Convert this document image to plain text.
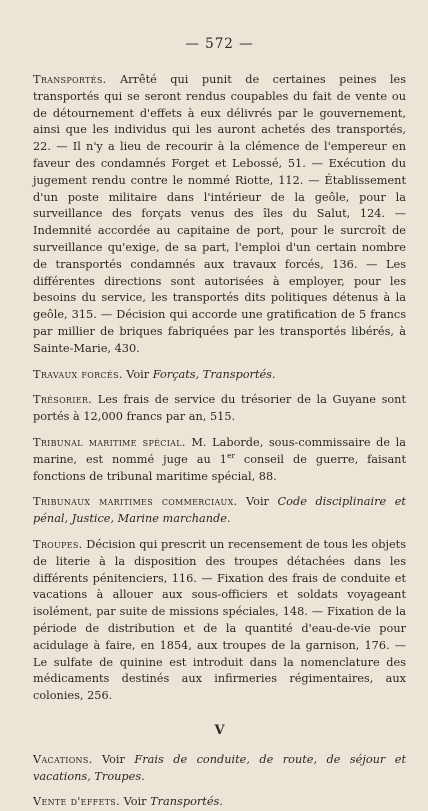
— 572 —

Transportés. Arrêté qui punit de certaines peines les transportés qui se seront rendus coupables du fait de vente ou de détournement d'effets à eux délivrés par le gouvernement, ainsi que les individus qui les auront achetés des transportés, 22. — Il n'y a lieu de recourir à la clémence de l'empereur en faveur des condamnés Forget et Lebossé, 51. — Exécution du jugement rendu contre le nommé Riotte, 112. — Établissement d'un poste militaire dans l'intérieur de la geôle, pour la surveillance des forçats venus des îles du Salut, 124. — Indemnité accordée au capitaine de port, pour le surcroît de surveillance qu'exige, de sa part, l'emploi d'un certain nombre de transportés condamnés aux travaux forcés, 136. — Les différentes directions sont autorisées à employer, pour les besoins du service, les transportés dits politiques détenus à la geôle, 315. — Décision qui accorde une gratification de 5 francs par millier de briques fabriquées par les transportés libérés, à Sainte-Marie, 430.

Travaux forcés. Voir Forçats, Transportés.

Trésorier. Les frais de service du trésorier de la Guyane sont portés à 12,000 francs par an, 515.

Tribunal maritime spécial. M. Laborde, sous-commissaire de la marine, est nommé juge au 1er conseil de guerre, faisant fonctions de tribunal maritime spécial, 88.

Tribunaux maritimes commerciaux. Voir Code disciplinaire et pénal, Justice, Marine marchande.

Troupes. Décision qui prescrit un recensement de tous les objets de literie à la disposition des troupes détachées dans les différents pénitenciers, 116. — Fixation des frais de conduite et vacations à allouer aux sous-officiers et soldats voyageant isolément, par suite de missions spéciales, 148. — Fixation de la période de distribution et de la quantité d'eau-de-vie pour acidulage à faire, en 1854, aux troupes de la garnison, 176. — Le sulfate de quinine est introduit dans la nomenclature des médicaments destinés aux infirmeries régimentaires, aux colonies, 256.

V

Vacations. Voir Frais de conduite, de route, de séjour et vacations, Troupes.

Vente d'effets. Voir Transportés.
